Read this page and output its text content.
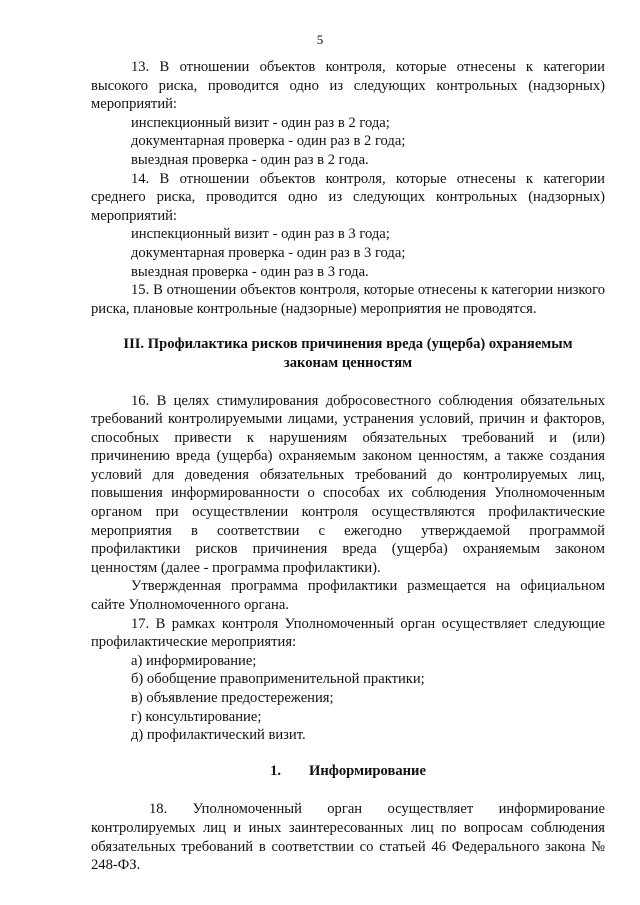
5

13. В отношении объектов контроля, которые отнесены к категории высокого риска, проводится одно из следующих контрольных (надзорных) мероприятий:

инспекционный визит - один раз в 2 года;

документарная проверка - один раз в 2 года;

выездная проверка - один раз в 2 года.

14. В отношении объектов контроля, которые отнесены к категории среднего риска, проводится одно из следующих контрольных (надзорных) мероприятий:

инспекционный визит - один раз в 3 года;

документарная проверка - один раз в 3 года;

выездная проверка - один раз в 3 года.

15. В отношении объектов контроля, которые отнесены к категории низкого риска, плановые контрольные (надзорные) мероприятия не проводятся.

III. Профилактика рисков причинения вреда (ущерба) охраняемым законам ценностям

16. В целях стимулирования добросовестного соблюдения обязательных требований контролируемыми лицами, устранения условий, причин и факторов, способных привести к нарушениям обязательных требований и (или) причинению вреда (ущерба) охраняемым законом ценностям, а также создания условий для доведения обязательных требований до контролируемых лиц, повышения информированности о способах их соблюдения Уполномоченным органом при осуществлении контроля осуществляются профилактические мероприятия в соответствии с ежегодно утверждаемой программой профилактики рисков причинения вреда (ущерба) охраняемым законом ценностям (далее - программа профилактики).

Утвержденная программа профилактики размещается на официальном сайте Уполномоченного органа.

17. В рамках контроля Уполномоченный орган осуществляет следующие профилактические мероприятия:

а) информирование;

б) обобщение правоприменительной практики;

в) объявление предостережения;

г) консультирование;

д) профилактический визит.

1. Информирование

18. Уполномоченный орган осуществляет информирование

контролируемых лиц и иных заинтересованных лиц по вопросам соблюдения обязательных требований в соответствии со статьей 46 Федерального закона № 248-ФЗ.
